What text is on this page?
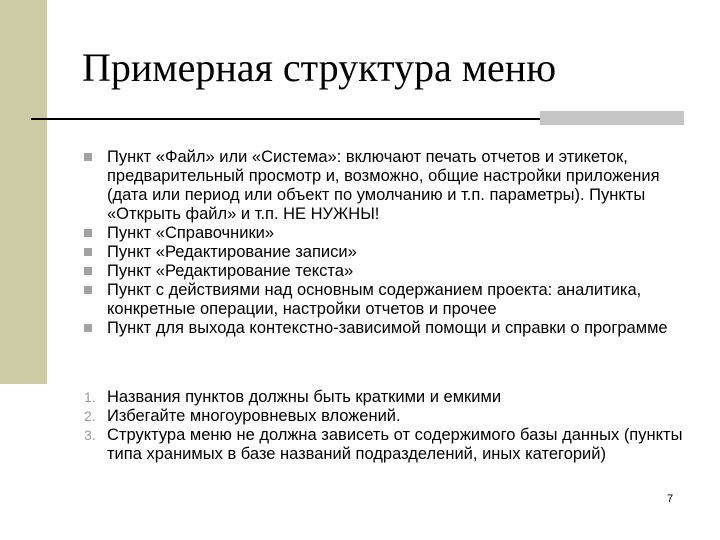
Примерная структура меню
Пункт «Файл» или «Система»: включают печать отчетов и этикеток, предварительный просмотр и, возможно, общие настройки приложения (дата или период или объект по умолчанию и т.п. параметры). Пункты «Открыть файл» и т.п. НЕ НУЖНЫ!
Пункт «Справочники»
Пункт «Редактирование записи»
Пункт «Редактирование текста»
Пункт с действиями над основным содержанием проекта: аналитика, конкретные операции, настройки отчетов и прочее
Пункт для выхода контекстно-зависимой помощи и справки о программе
1. Названия пунктов должны быть краткими и емкими
2. Избегайте многоуровневых вложений.
3. Структура меню не должна зависеть от содержимого базы данных (пункты типа хранимых в базе названий подразделений, иных категорий)
7
